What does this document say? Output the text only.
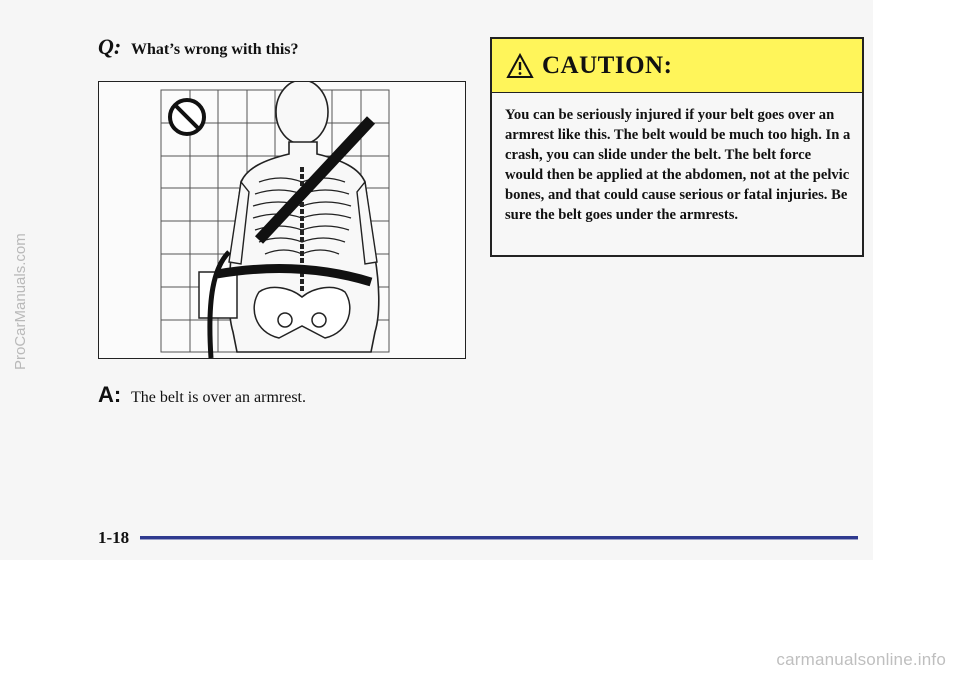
Q: What’s wrong with this?
A: The belt is over an armrest.
CAUTION:
You can be seriously injured if your belt goes over an armrest like this. The belt would be much too high. In a crash, you can slide under the belt. The belt force would then be applied at the abdomen, not at the pelvic bones, and that could cause serious or fatal injuries. Be sure the belt goes under the armrests.
1-18
ProCarManuals.com
carmanualsonline.info
